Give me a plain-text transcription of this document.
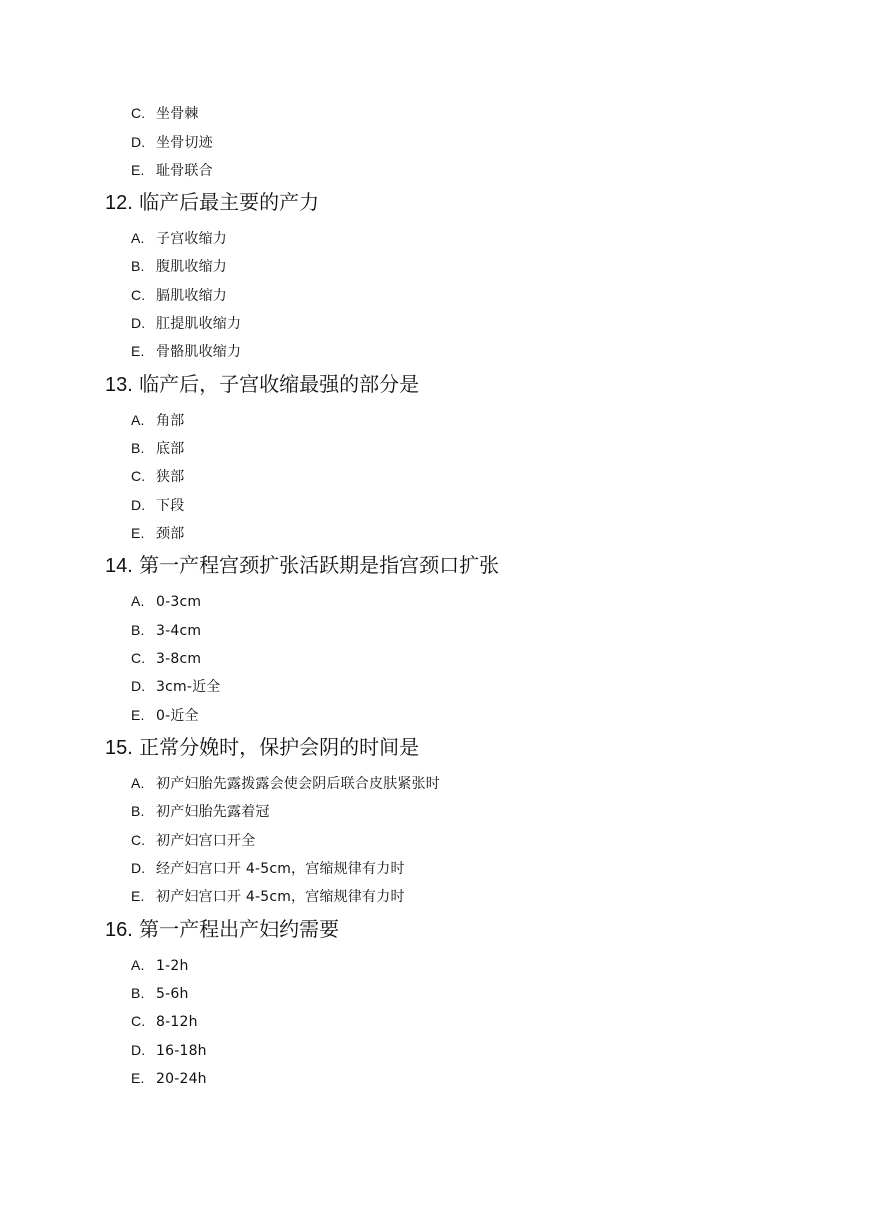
C. 坐骨棘
D. 坐骨切迹
E. 耻骨联合
12. 临产后最主要的产力
A. 子宫收缩力
B. 腹肌收缩力
C. 膈肌收缩力
D. 肛提肌收缩力
E. 骨骼肌收缩力
13. 临产后，子宫收缩最强的部分是
A. 角部
B. 底部
C. 狭部
D. 下段
E. 颈部
14. 第一产程宫颈扩张活跃期是指宫颈口扩张
A. 0-3cm
B. 3-4cm
C. 3-8cm
D. 3cm-近全
E. 0-近全
15. 正常分娩时，保护会阴的时间是
A. 初产妇胎先露拨露会使会阴后联合皮肤紧张时
B. 初产妇胎先露着冠
C. 初产妇宫口开全
D. 经产妇宫口开 4-5cm，宫缩规律有力时
E. 初产妇宫口开 4-5cm，宫缩规律有力时
16. 第一产程出产妇约需要
A. 1-2h
B. 5-6h
C. 8-12h
D. 16-18h
E. 20-24h
